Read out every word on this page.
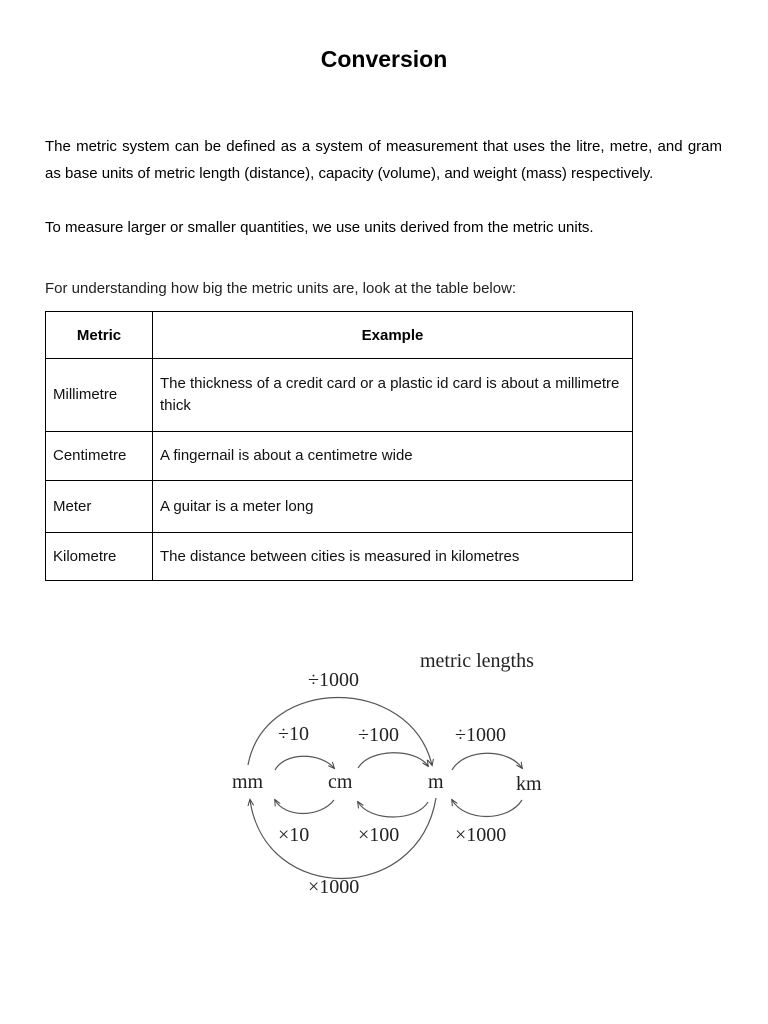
Conversion

The metric system can be defined as a system of measurement that uses the litre, metre, and gram as base units of metric length (distance), capacity (volume), and weight (mass) respectively.

To measure larger or smaller quantities, we use units derived from the metric units.

For understanding how big the metric units are, look at the table below:

Metric	Example
Millimetre	The thickness of a credit card or a plastic id card is about a millimetre thick
Centimetre	A fingernail is about a centimetre wide
Meter	A guitar is a meter long
Kilometre	The distance between cities is measured in kilometres
metric lengths
÷1000
÷10 ÷100	÷1000
mm	cm	m	km
×10 ×100	×1000
×1000
